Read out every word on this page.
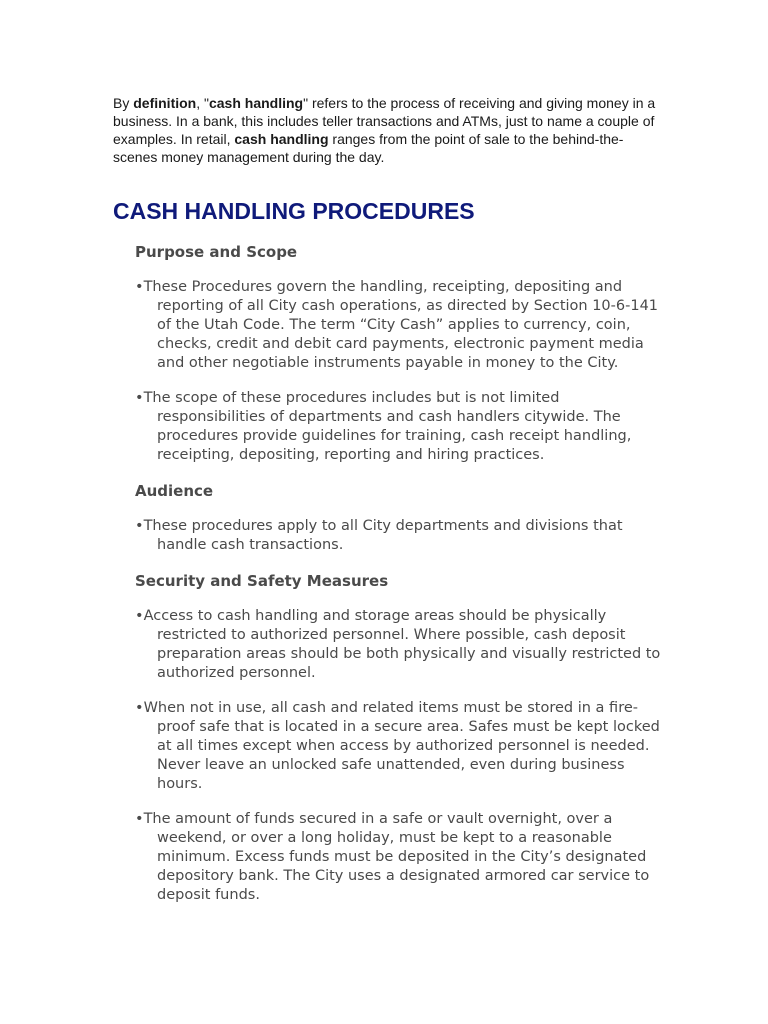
By definition, "cash handling" refers to the process of receiving and giving money in a business. In a bank, this includes teller transactions and ATMs, just to name a couple of examples. In retail, cash handling ranges from the point of sale to the behind-the-scenes money management during the day.

CASH HANDLING PROCEDURES
Purpose and Scope

•These Procedures govern the handling, receipting, depositing and reporting of all City cash operations, as directed by Section 10-6-141 of the Utah Code. The term “City Cash” applies to currency, coin, checks, credit and debit card payments, electronic payment media and other negotiable instruments payable in money to the City.

•The scope of these procedures includes but is not limited responsibilities of departments and cash handlers citywide. The procedures provide guidelines for training, cash receipt handling, receipting, depositing, reporting and hiring practices.

Audience

•These procedures apply to all City departments and divisions that handle cash transactions.

Security and Safety Measures

•Access to cash handling and storage areas should be physically restricted to authorized personnel. Where possible, cash deposit preparation areas should be both physically and visually restricted to authorized personnel.

•When not in use, all cash and related items must be stored in a fire-proof safe that is located in a secure area. Safes must be kept locked at all times except when access by authorized personnel is needed. Never leave an unlocked safe unattended, even during business hours.

•The amount of funds secured in a safe or vault overnight, over a weekend, or over a long holiday, must be kept to a reasonable minimum. Excess funds must be deposited in the City’s designated depository bank. The City uses a designated armored car service to deposit funds.
